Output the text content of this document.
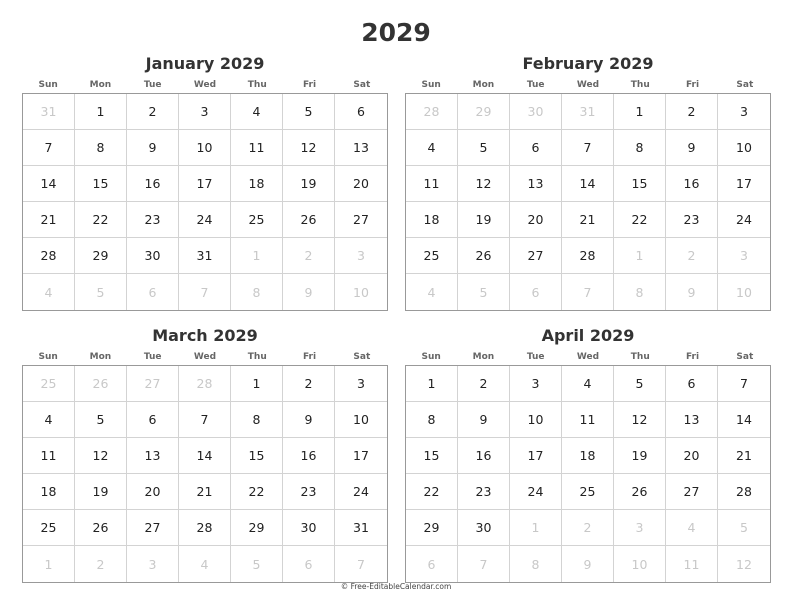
2029
January 2029
Sun	Mon	Tue	Wed	Thu	Fri	Sat
31	1	2	3	4	5	6
7	8	9	10	11	12	13
14	15	16	17	18	19	20
21	22	23	24	25	26	27
28	29	30	31	1	2	3
4	5	6	7	8	9	10
February 2029
Sun	Mon	Tue	Wed	Thu	Fri	Sat
28	29	30	31	1	2	3
4	5	6	7	8	9	10
11	12	13	14	15	16	17
18	19	20	21	22	23	24
25	26	27	28	1	2	3
4	5	6	7	8	9	10
March 2029
Sun	Mon	Tue	Wed	Thu	Fri	Sat
25	26	27	28	1	2	3
4	5	6	7	8	9	10
11	12	13	14	15	16	17
18	19	20	21	22	23	24
25	26	27	28	29	30	31
1	2	3	4	5	6	7
April 2029
Sun	Mon	Tue	Wed	Thu	Fri	Sat
1	2	3	4	5	6	7
8	9	10	11	12	13	14
15	16	17	18	19	20	21
22	23	24	25	26	27	28
29	30	1	2	3	4	5
6	7	8	9	10	11	12
© Free-EditableCalendar.com
